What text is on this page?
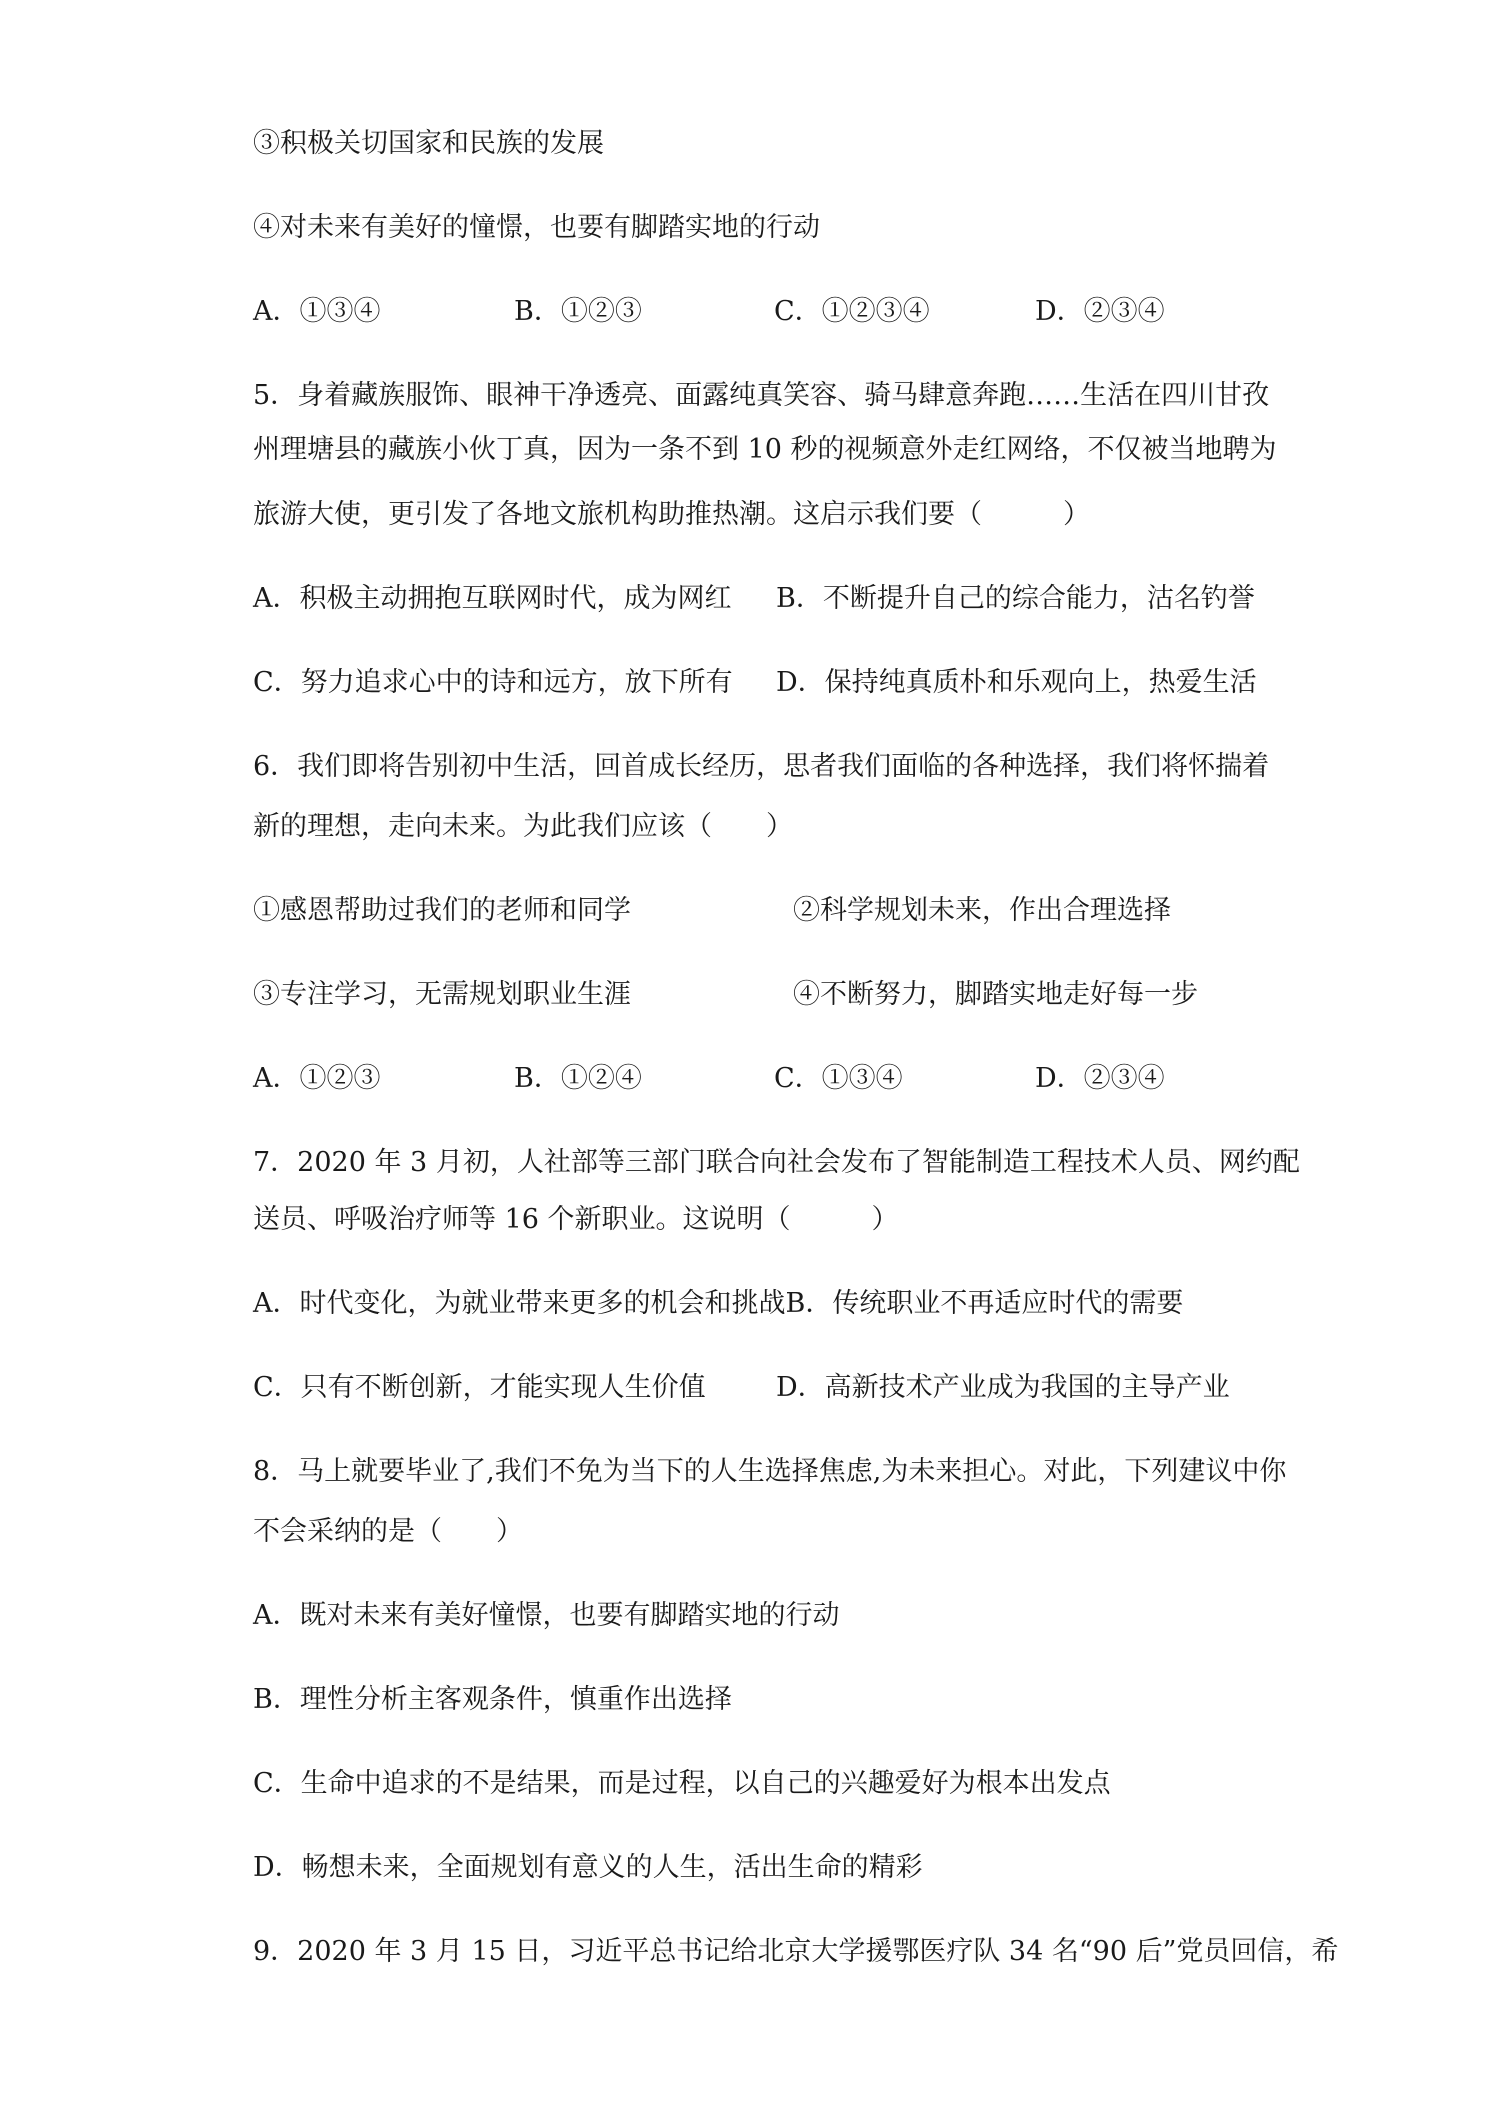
③积极关切国家和民族的发展
④对未来有美好的憧憬，也要有脚踏实地的行动
A．①③④	B．①②③	C．①②③④	D．②③④
5．身着藏族服饰、眼神干净透亮、面露纯真笑容、骑马肆意奔跑……生活在四川甘孜
州理塘县的藏族小伙丁真，因为一条不到 10 秒的视频意外走红网络，不仅被当地聘为
旅游大使，更引发了各地文旅机构助推热潮。这启示我们要（　　　）
A．积极主动拥抱互联网时代，成为网红 B．不断提升自己的综合能力，沽名钓誉
C．努力追求心中的诗和远方，放下所有 D．保持纯真质朴和乐观向上，热爱生活
6．我们即将告别初中生活，回首成长经历，思者我们面临的各种选择，我们将怀揣着
新的理想，走向未来。为此我们应该（　　）
①感恩帮助过我们的老师和同学	②科学规划未来，作出合理选择
③专注学习，无需规划职业生涯	④不断努力，脚踏实地走好每一步
A．①②③	B．①②④	C．①③④	D．②③④
7．2020 年 3 月初，人社部等三部门联合向社会发布了智能制造工程技术人员、网约配
送员、呼吸治疗师等 16 个新职业。这说明（　　　）
A．时代变化，为就业带来更多的机会和挑战B．传统职业不再适应时代的需要
C．只有不断创新，才能实现人生价值	D．高新技术产业成为我国的主导产业
8．马上就要毕业了,我们不免为当下的人生选择焦虑,为未来担心。对此，下列建议中你
不会采纳的是（　　）
A．既对未来有美好憧憬，也要有脚踏实地的行动
B．理性分析主客观条件，慎重作出选择
C．生命中追求的不是结果，而是过程，以自己的兴趣爱好为根本出发点
D．畅想未来，全面规划有意义的人生，活出生命的精彩
9．2020 年 3 月 15 日，习近平总书记给北京大学援鄂医疗队 34 名“90 后”党员回信，希
